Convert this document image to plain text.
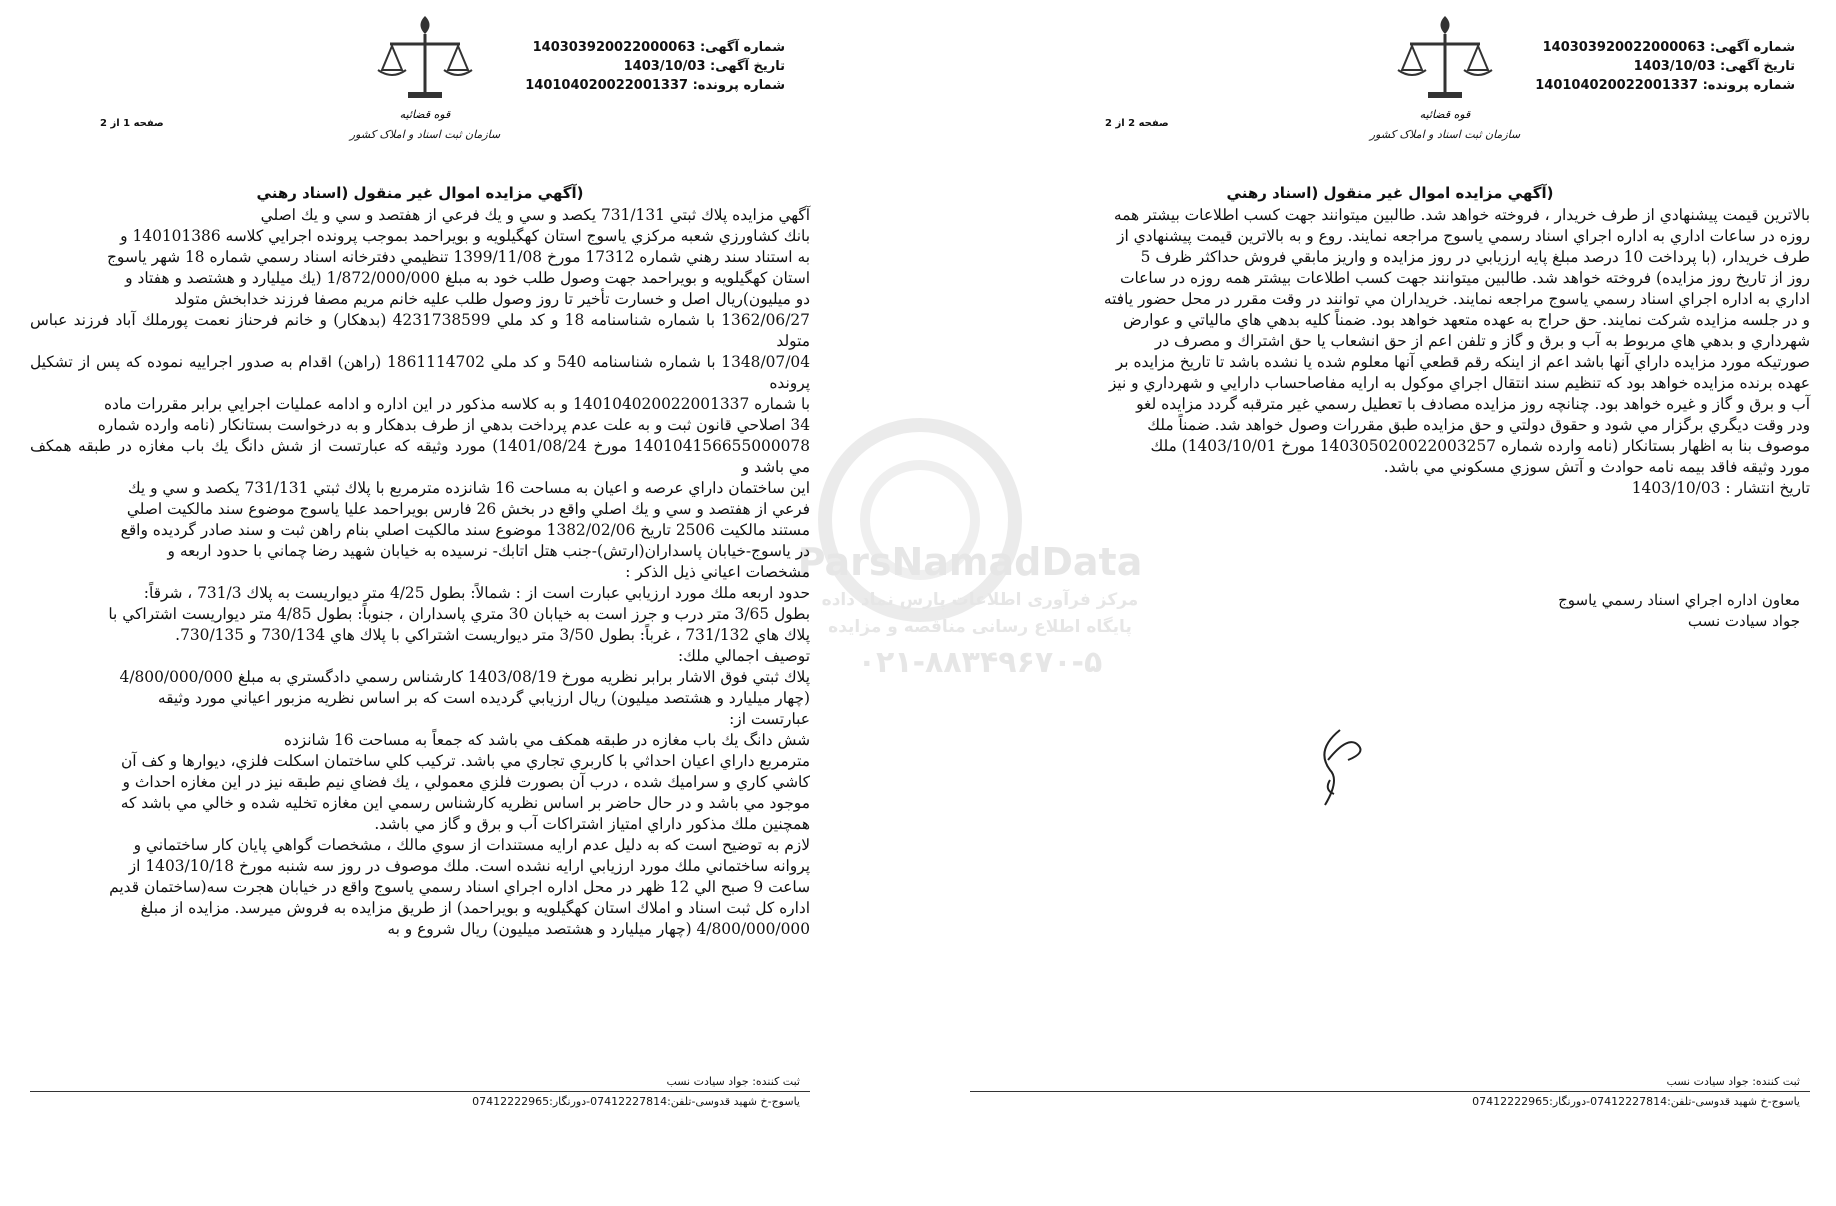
ParsNamadData
مرکز فرآوری اطلاعات پارس نماد داده
پایگاه اطلاع رسانی مناقصه و مزایده
۰۲۱-۸۸۳۴۹۶۷۰-۵
قوه قضائیه
شماره آگهی: 140303920022000063
تاریخ آگهی: 1403/10/03
شماره پرونده: 140104020022001337
صفحه 2 از 2
سازمان ثبت اسناد و املاک کشور
(آگهي مزايده اموال غير منقول (اسناد رهني

بالاترين قيمت پيشنهادي از طرف خريدار ، فروخته خواهد شد. طالبين ميتوانند جهت كسب اطلاعات بيشتر همه

روزه در ساعات اداري به اداره اجراي اسناد رسمي ياسوج مراجعه نمايند. روع و به بالاترين قيمت پيشنهادي از

طرف خريدار، (با پرداخت 10 درصد مبلغ پايه ارزيابي در روز مزايده و واريز مابقي فروش حداكثر ظرف 5

روز از تاريخ روز مزايده) فروخته خواهد شد. طالبين ميتوانند جهت كسب اطلاعات بيشتر همه روزه در ساعات

اداري به اداره اجراي اسناد رسمي ياسوج مراجعه نمايند. خريداران مي توانند در وقت مقرر در محل حضور يافته

و در جلسه مزايده شركت نمايند. حق حراج به عهده متعهد خواهد بود. ضمناً كليه بدهي هاي مالياتي و عوارض

شهرداري و بدهي هاي مربوط به آب و برق و گاز و تلفن اعم از حق انشعاب يا حق اشتراك و مصرف در

صورتيكه مورد مزايده داراي آنها باشد اعم از اينكه رقم قطعي آنها معلوم شده يا نشده باشد تا تاريخ مزايده بر

عهده برنده مزايده خواهد بود كه تنظيم سند انتقال اجراي موكول به ارايه مفاصاحساب دارايي و شهرداري و نيز

آب و برق و گاز و غيره خواهد بود. چنانچه روز مزايده مصادف با تعطيل رسمي غير مترقبه گردد مزايده لغو

ودر وقت ديگري برگزار مي شود و حقوق دولتي و حق مزايده طبق مقررات وصول خواهد شد. ضمناً ملك

موصوف بنا به اظهار بستانكار (نامه وارده شماره 140305020022003257 مورخ 1403/10/01) ملك

مورد وثيقه فاقد بيمه نامه حوادث و آتش سوزي مسكوني مي باشد.

تاريخ انتشار : 1403/10/03

معاون اداره اجراي اسناد رسمي ياسوج
جواد سيادت نسب
ثبت کننده: جواد سیادت نسب
یاسوج-خ شهید قدوسی-تلفن:07412227814-دورنگار:07412222965
قوه قضائیه
شماره آگهی: 140303920022000063
تاریخ آگهی: 1403/10/03
شماره پرونده: 140104020022001337
صفحه 1 از 2
سازمان ثبت اسناد و املاک کشور
(آگهي مزايده اموال غير منقول (اسناد رهني

آگهي مزايده پلاك ثبتي 731/131 يكصد و سي و يك فرعي از هفتصد و سي و يك اصلي

بانك كشاورزي شعبه مركزي ياسوج استان كهگيلويه و بويراحمد بموجب پرونده اجرايي كلاسه 140101386 و

به استناد سند رهني شماره 17312 مورخ 1399/11/08 تنظيمي دفترخانه اسناد رسمي شماره 18 شهر ياسوج

استان كهگيلويه و بويراحمد جهت وصول طلب خود به مبلغ 1/872/000/000 (يك ميليارد و هشتصد و هفتاد و

دو ميليون)ريال اصل و خسارت تأخير تا روز وصول طلب عليه خانم مريم مصفا فرزند خدابخش متولد

1362/06/27 با شماره شناسنامه 18 و كد ملي 4231738599 (بدهكار) و خانم فرحناز نعمت پورملك آباد فرزند عباس متولد

1348/07/04 با شماره شناسنامه 540 و كد ملي 1861114702 (راهن) اقدام به صدور اجراييه نموده كه پس از تشكيل پرونده

با شماره 140104020022001337 و به كلاسه مذكور در اين اداره و ادامه عمليات اجرايي برابر مقررات ماده

34 اصلاحي قانون ثبت و به علت عدم پرداخت بدهي از طرف بدهكار و به درخواست بستانكار (نامه وارده شماره

140104156655000078 مورخ 1401/08/24) مورد وثيقه كه عبارتست از شش دانگ يك باب مغازه در طبقه همكف مي باشد و

اين ساختمان داراي عرصه و اعيان به مساحت 16 شانزده مترمربع با پلاك ثبتي 731/131 يكصد و سي و يك

فرعي از هفتصد و سي و يك اصلي واقع در بخش 26 فارس بويراحمد عليا ياسوج موضوع سند مالكيت اصلي

مستند مالكيت 2506 تاريخ 1382/02/06 موضوع سند مالكيت اصلي بنام راهن ثبت و سند صادر گرديده واقع

در ياسوج-خيابان پاسداران(ارتش)-جنب هتل اتابك- نرسيده به خيابان شهيد رضا چماني با حدود اربعه و

مشخصات اعياني ذيل الذكر :

حدود اربعه ملك مورد ارزيابي عبارت است از : شمالاً: بطول 4/25 متر ديواريست به پلاك 731/3 ، شرقاً:

بطول 3/65 متر درب و جرز است به خيابان 30 متري پاسداران ، جنوباً: بطول 4/85 متر ديواريست اشتراكي با

پلاك هاي 731/132 ، غرباً: بطول 3/50 متر ديواريست اشتراكي با پلاك هاي 730/134 و 730/135.

توصيف اجمالي ملك:

پلاك ثبتي فوق الاشار برابر نظريه مورخ 1403/08/19 كارشناس رسمي دادگستري به مبلغ 4/800/000/000

(چهار ميليارد و هشتصد ميليون) ريال ارزيابي گرديده است كه بر اساس نظريه مزبور اعياني مورد وثيقه

عبارتست از:

شش دانگ يك باب مغازه در طبقه همكف مي باشد كه جمعاً به مساحت 16 شانزده

مترمربع داراي اعيان احداثي با كاربري تجاري مي باشد. تركيب كلي ساختمان اسكلت فلزي، ديوارها و كف آن

كاشي كاري و سراميك شده ، درب آن بصورت فلزي معمولي ، يك فضاي نيم طبقه نيز در اين مغازه احداث و

موجود مي باشد و در حال حاضر بر اساس نظريه كارشناس رسمي اين مغازه تخليه شده و خالي مي باشد كه

همچنين ملك مذكور داراي امتياز اشتراكات آب و برق و گاز مي باشد.

لازم به توضيح است كه به دليل عدم ارايه مستندات از سوي مالك ، مشخصات گواهي پايان كار ساختماني و

پروانه ساختماني ملك مورد ارزيابي ارايه نشده است. ملك موصوف در روز سه شنبه مورخ 1403/10/18 از

ساعت 9 صبح الي 12 ظهر در محل اداره اجراي اسناد رسمي ياسوج واقع در خيابان هجرت سه(ساختمان قديم

اداره كل ثبت اسناد و املاك استان كهگيلويه و بويراحمد) از طريق مزايده به فروش ميرسد. مزايده از مبلغ

4/800/000/000 (چهار ميليارد و هشتصد ميليون) ريال شروع و به

ثبت کننده: جواد سیادت نسب
یاسوج-خ شهید قدوسی-تلفن:07412227814-دورنگار:07412222965
